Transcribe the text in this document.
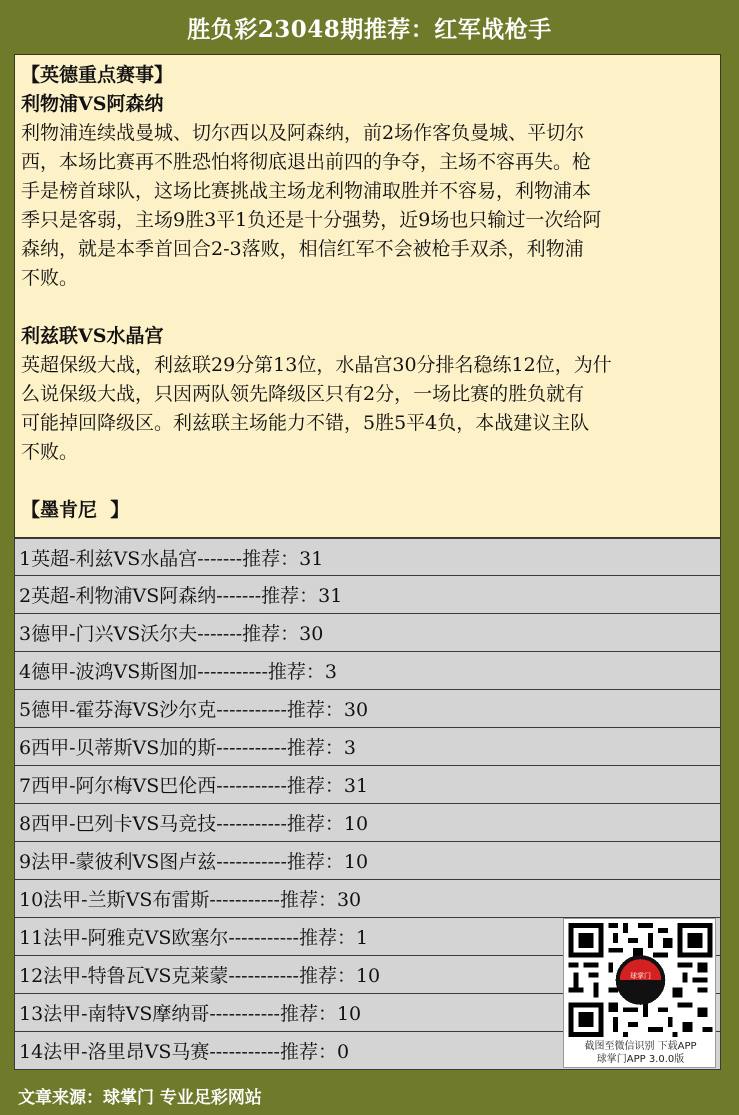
胜负彩23048期推荐：红军战枪手
【英德重点赛事】
利物浦VS阿森纳

利物浦连续战曼城、切尔西以及阿森纳，前2场作客负曼城、平切尔

西，本场比赛再不胜恐怕将彻底退出前四的争夺，主场不容再失。枪

手是榜首球队，这场比赛挑战主场龙利物浦取胜并不容易，利物浦本

季只是客弱，主场9胜3平1负还是十分强势，近9场也只输过一次给阿

森纳，就是本季首回合2-3落败，相信红军不会被枪手双杀，利物浦

不败。

利兹联VS水晶宫

英超保级大战，利兹联29分第13位，水晶宫30分排名稳练12位，为什

么说保级大战，只因两队领先降级区只有2分，一场比赛的胜负就有

可能掉回降级区。利兹联主场能力不错，5胜5平4负，本战建议主队

不败。

【墨肯尼  】
1英超-利兹VS水晶宫-------推荐：31
2英超-利物浦VS阿森纳-------推荐：31
3德甲-门兴VS沃尔夫-------推荐：30
4德甲-波鸿VS斯图加-----------推荐：3
5德甲-霍芬海VS沙尔克-----------推荐：30
6西甲-贝蒂斯VS加的斯-----------推荐：3
7西甲-阿尔梅VS巴伦西-----------推荐：31
8西甲-巴列卡VS马竞技-----------推荐：10
9法甲-蒙彼利VS图卢兹-----------推荐：10
10法甲-兰斯VS布雷斯-----------推荐：30
11法甲-阿雅克VS欧塞尔-----------推荐：1
12法甲-特鲁瓦VS克莱蒙-----------推荐：10
13法甲-南特VS摩纳哥-----------推荐：10
14法甲-洛里昂VS马赛-----------推荐：0
球掌门
截图至微信识别 下载APP
球掌门APP 3.0.0版
文章来源：球掌门 专业足彩网站
